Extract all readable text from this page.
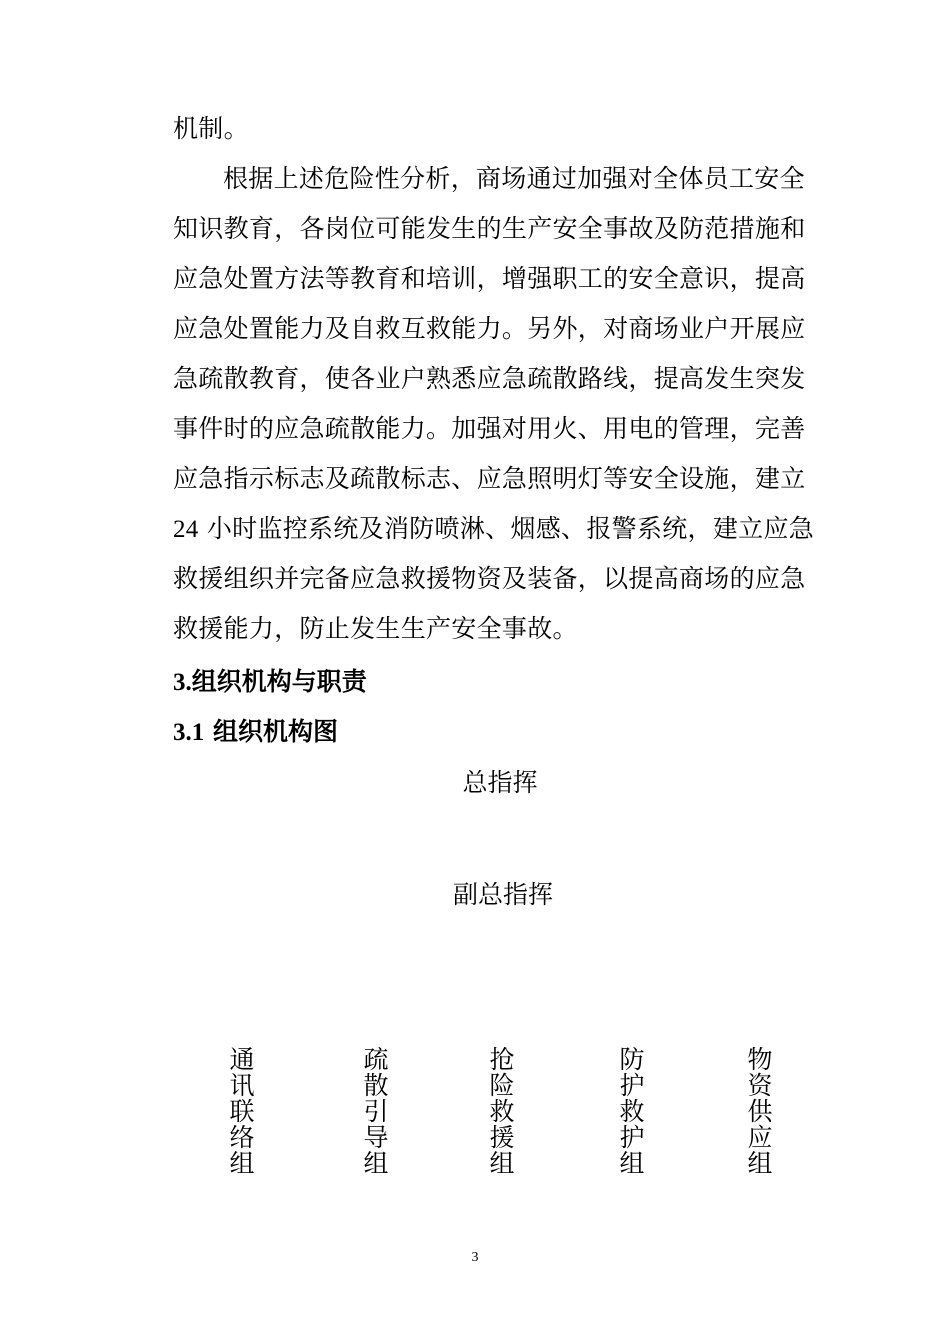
机制。
根据上述危险性分析，商场通过加强对全体员工安全
知识教育，各岗位可能发生的生产安全事故及防范措施和
应急处置方法等教育和培训，增强职工的安全意识，提高
应急处置能力及自救互救能力。另外，对商场业户开展应
急疏散教育，使各业户熟悉应急疏散路线，提高发生突发
事件时的应急疏散能力。加强对用火、用电的管理，完善
应急指示标志及疏散标志、应急照明灯等安全设施，建立
24 小时监控系统及消防喷淋、烟感、报警系统，建立应急
救援组织并完备应急救援物资及装备，以提高商场的应急
救援能力，防止发生生产安全事故。
3.组织机构与职责
3.1 组织机构图
总指挥
副总指挥
通
讯
联
络
组
疏
散
引
导
组
抢
险
救
援
组
防
护
救
护
组
物
资
供
应
组
3
